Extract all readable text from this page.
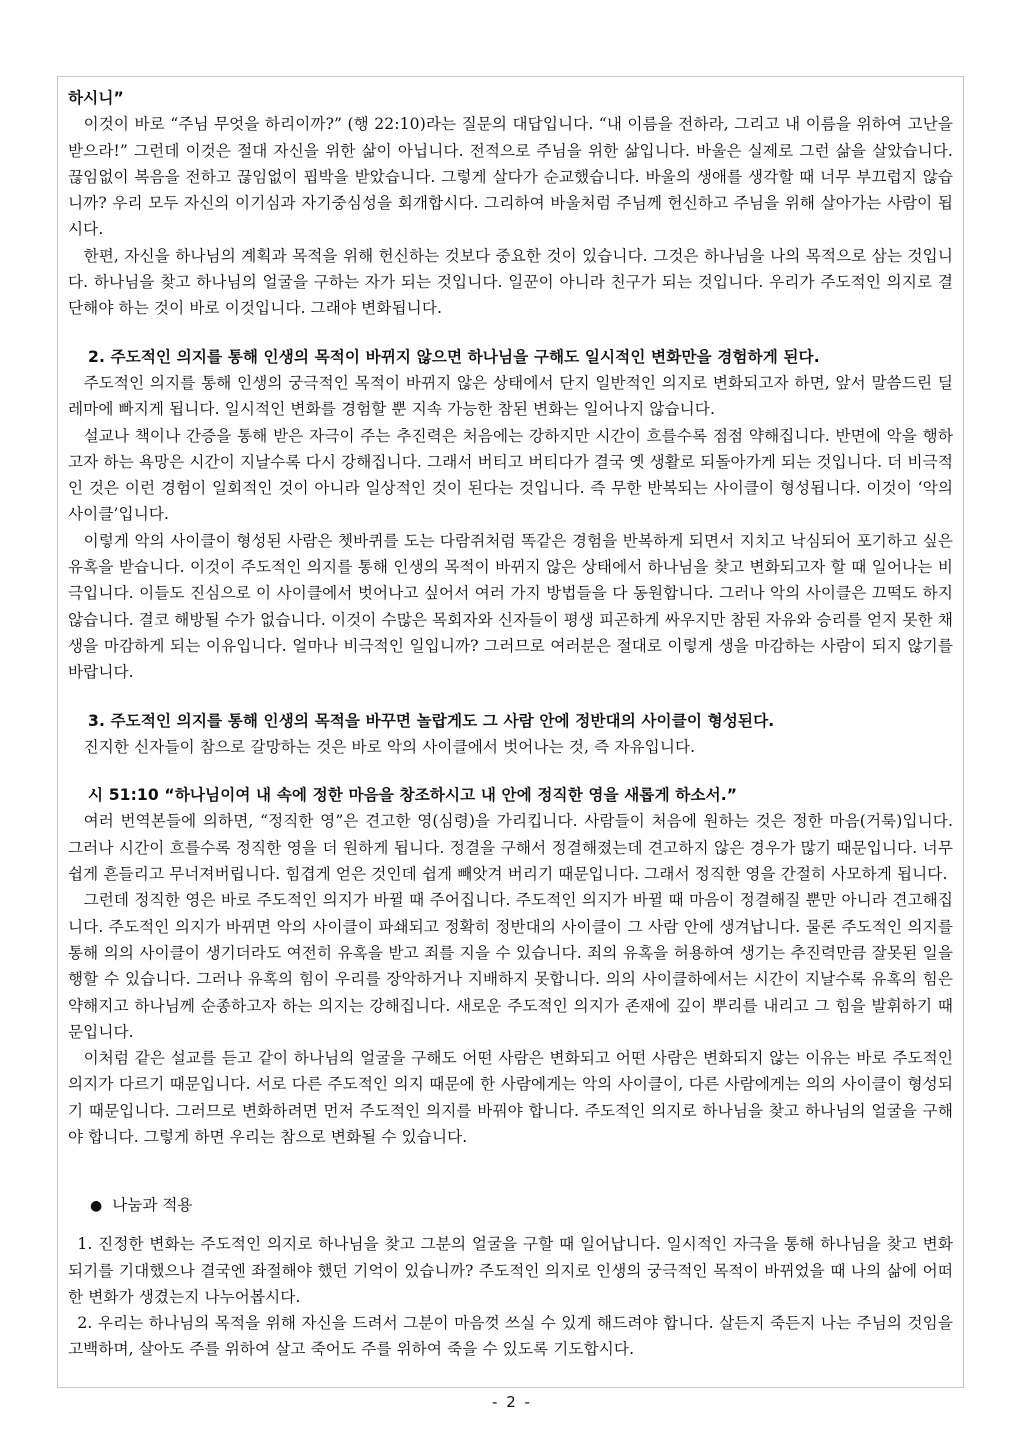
하시니”

이것이 바로 “주님 무엇을 하리이까?” (행 22:10)라는 질문의 대답입니다. “내 이름을 전하라, 그리고 내 이름을 위하여 고난을 받으라!” 그런데 이것은 절대 자신을 위한 삶이 아닙니다. 전적으로 주님을 위한 삶입니다. 바울은 실제로 그런 삶을 살았습니다. 끊임없이 복음을 전하고 끊임없이 핍박을 받았습니다. 그렇게 살다가 순교했습니다. 바울의 생애를 생각할 때 너무 부끄럽지 않습니까? 우리 모두 자신의 이기심과 자기중심성을 회개합시다. 그리하여 바울처럼 주님께 헌신하고 주님을 위해 살아가는 사람이 됩시다.

한편, 자신을 하나님의 계획과 목적을 위해 헌신하는 것보다 중요한 것이 있습니다. 그것은 하나님을 나의 목적으로 삼는 것입니다. 하나님을 찾고 하나님의 얼굴을 구하는 자가 되는 것입니다. 일꾼이 아니라 친구가 되는 것입니다. 우리가 주도적인 의지로 결단해야 하는 것이 바로 이것입니다. 그래야 변화됩니다.

2. 주도적인 의지를 통해 인생의 목적이 바뀌지 않으면 하나님을 구해도 일시적인 변화만을 경험하게 된다.

주도적인 의지를 통해 인생의 궁극적인 목적이 바뀌지 않은 상태에서 단지 일반적인 의지로 변화되고자 하면, 앞서 말씀드린 딜레마에 빠지게 됩니다. 일시적인 변화를 경험할 뿐 지속 가능한 참된 변화는 일어나지 않습니다.

설교나 책이나 간증을 통해 받은 자극이 주는 추진력은 처음에는 강하지만 시간이 흐를수록 점점 약해집니다. 반면에 악을 행하고자 하는 욕망은 시간이 지날수록 다시 강해집니다. 그래서 버티고 버티다가 결국 옛 생활로 되돌아가게 되는 것입니다. 더 비극적인 것은 이런 경험이 일회적인 것이 아니라 일상적인 것이 된다는 것입니다. 즉 무한 반복되는 사이클이 형성됩니다. 이것이 ‘악의 사이클’입니다.

이렇게 악의 사이클이 형성된 사람은 쳇바퀴를 도는 다람쥐처럼 똑같은 경험을 반복하게 되면서 지치고 낙심되어 포기하고 싶은 유혹을 받습니다. 이것이 주도적인 의지를 통해 인생의 목적이 바뀌지 않은 상태에서 하나님을 찾고 변화되고자 할 때 일어나는 비극입니다. 이들도 진심으로 이 사이클에서 벗어나고 싶어서 여러 가지 방법들을 다 동원합니다. 그러나 악의 사이클은 끄떡도 하지 않습니다. 결코 해방될 수가 없습니다. 이것이 수많은 목회자와 신자들이 평생 피곤하게 싸우지만 참된 자유와 승리를 얻지 못한 채 생을 마감하게 되는 이유입니다. 얼마나 비극적인 일입니까? 그러므로 여러분은 절대로 이렇게 생을 마감하는 사람이 되지 않기를 바랍니다.

3. 주도적인 의지를 통해 인생의 목적을 바꾸면 놀랍게도 그 사람 안에 정반대의 사이클이 형성된다.

진지한 신자들이 참으로 갈망하는 것은 바로 악의 사이클에서 벗어나는 것, 즉 자유입니다.

시 51:10 “하나님이여 내 속에 정한 마음을 창조하시고 내 안에 정직한 영을 새롭게 하소서.”

여러 번역본들에 의하면, “정직한 영”은 견고한 영(심령)을 가리킵니다. 사람들이 처음에 원하는 것은 정한 마음(거룩)입니다. 그러나 시간이 흐를수록 정직한 영을 더 원하게 됩니다. 정결을 구해서 정결해졌는데 견고하지 않은 경우가 많기 때문입니다. 너무 쉽게 흔들리고 무너져버립니다. 힘겹게 얻은 것인데 쉽게 빼앗겨 버리기 때문입니다. 그래서 정직한 영을 간절히 사모하게 됩니다.

그런데 정직한 영은 바로 주도적인 의지가 바뀔 때 주어집니다. 주도적인 의지가 바뀔 때 마음이 정결해질 뿐만 아니라 견고해집니다. 주도적인 의지가 바뀌면 악의 사이클이 파쇄되고 정확히 정반대의 사이클이 그 사람 안에 생겨납니다. 물론 주도적인 의지를 통해 의의 사이클이 생기더라도 여전히 유혹을 받고 죄를 지을 수 있습니다. 죄의 유혹을 허용하여 생기는 추진력만큼 잘못된 일을 행할 수 있습니다. 그러나 유혹의 힘이 우리를 장악하거나 지배하지 못합니다. 의의 사이클하에서는 시간이 지날수록 유혹의 힘은 약해지고 하나님께 순종하고자 하는 의지는 강해집니다. 새로운 주도적인 의지가 존재에 깊이 뿌리를 내리고 그 힘을 발휘하기 때문입니다.

이처럼 같은 설교를 듣고 같이 하나님의 얼굴을 구해도 어떤 사람은 변화되고 어떤 사람은 변화되지 않는 이유는 바로 주도적인 의지가 다르기 때문입니다. 서로 다른 주도적인 의지 때문에 한 사람에게는 악의 사이클이, 다른 사람에게는 의의 사이클이 형성되기 때문입니다. 그러므로 변화하려면 먼저 주도적인 의지를 바꿔야 합니다. 주도적인 의지로 하나님을 찾고 하나님의 얼굴을 구해야 합니다. 그렇게 하면 우리는 참으로 변화될 수 있습니다.

● 나눔과 적용

1. 진정한 변화는 주도적인 의지로 하나님을 찾고 그분의 얼굴을 구할 때 일어납니다. 일시적인 자극을 통해 하나님을 찾고 변화되기를 기대했으나 결국엔 좌절해야 했던 기억이 있습니까? 주도적인 의지로 인생의 궁극적인 목적이 바뀌었을 때 나의 삶에 어떠한 변화가 생겼는지 나누어봅시다.

2. 우리는 하나님의 목적을 위해 자신을 드려서 그분이 마음껏 쓰실 수 있게 해드려야 합니다. 살든지 죽든지 나는 주님의 것임을 고백하며, 살아도 주를 위하여 살고 죽어도 주를 위하여 죽을 수 있도록 기도합시다.

- 2 -
